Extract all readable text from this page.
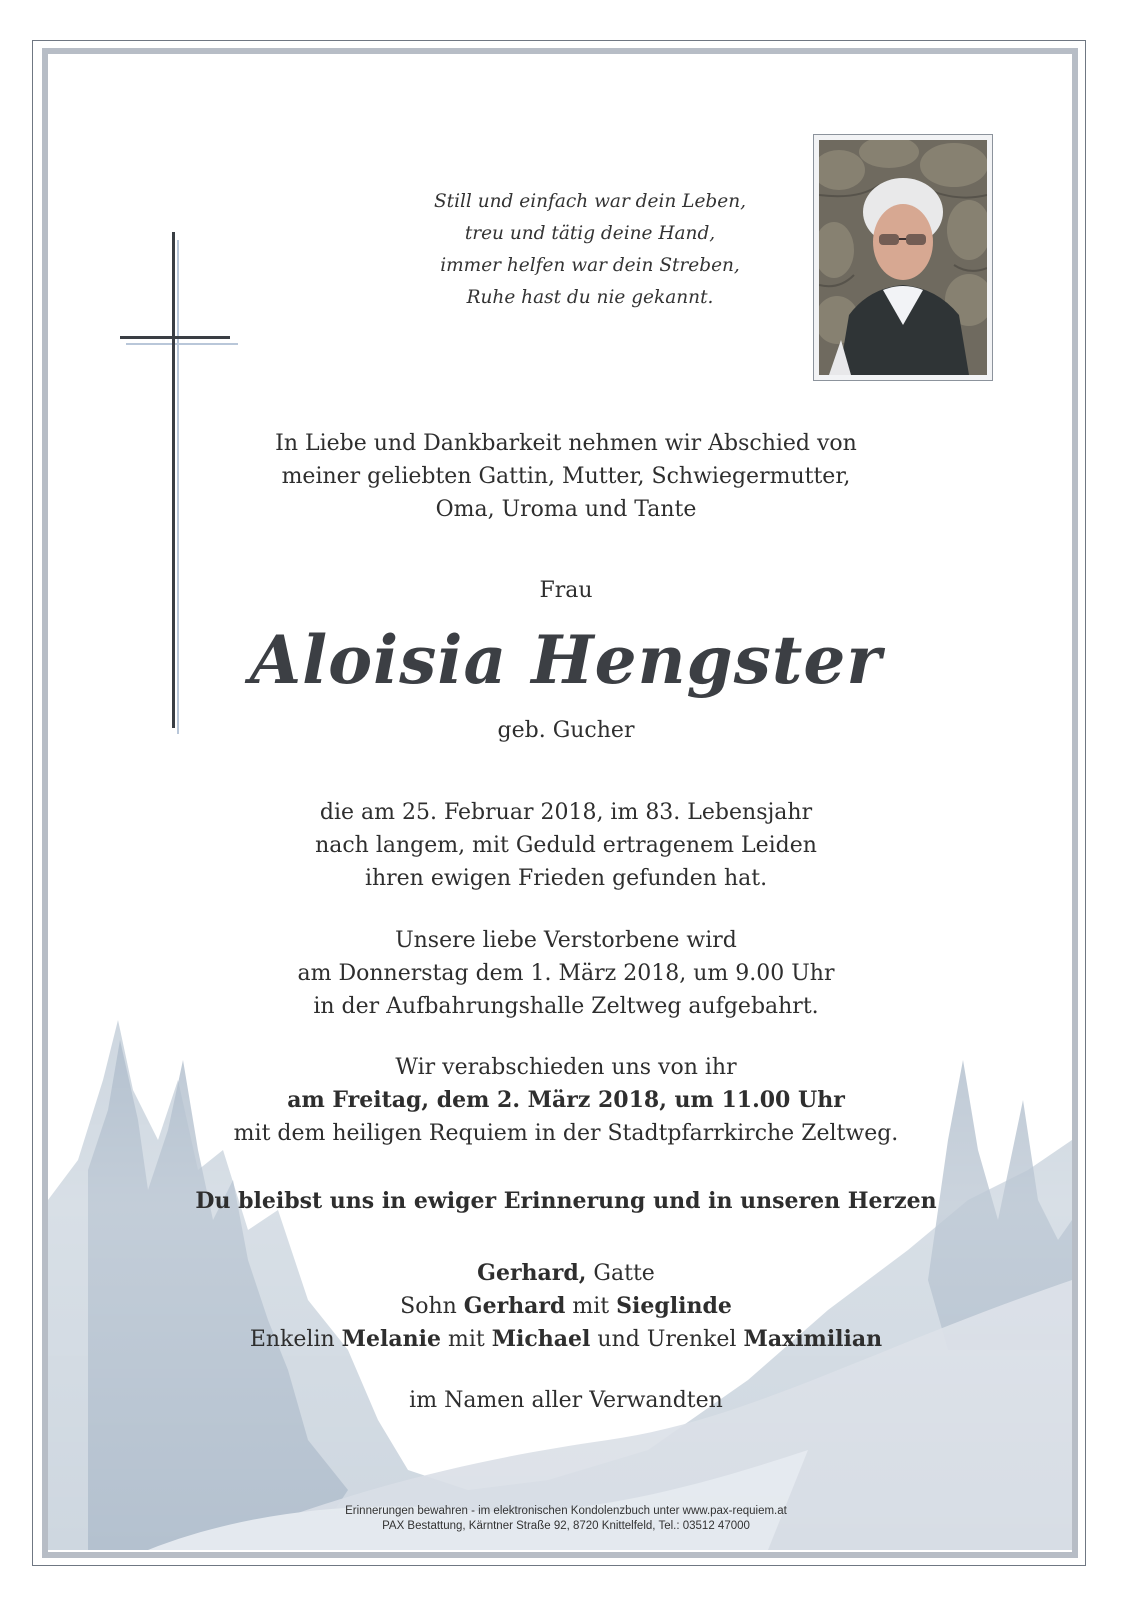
Still und einfach war dein Leben,
treu und tätig deine Hand,
immer helfen war dein Streben,
Ruhe hast du nie gekannt.
In Liebe und Dankbarkeit nehmen wir Abschied von
meiner geliebten Gattin, Mutter, Schwiegermutter,
Oma, Uroma und Tante
Frau
Aloisia Hengster
geb. Gucher
die am 25. Februar 2018, im 83. Lebensjahr
nach langem, mit Geduld ertragenem Leiden
ihren ewigen Frieden gefunden hat.
Unsere liebe Verstorbene wird
am Donnerstag dem 1. März 2018, um 9.00 Uhr
in der Aufbahrungshalle Zeltweg aufgebahrt.
Wir verabschieden uns von ihr
am Freitag, dem 2. März 2018, um 11.00 Uhr
mit dem heiligen Requiem in der Stadtpfarrkirche Zeltweg.
Du bleibst uns in ewiger Erinnerung und in unseren Herzen
Gerhard, Gatte
Sohn Gerhard mit Sieglinde
Enkelin Melanie mit Michael und Urenkel Maximilian
im Namen aller Verwandten
Erinnerungen bewahren - im elektronischen Kondolenzbuch unter www.pax-requiem.at
PAX Bestattung, Kärntner Straße 92, 8720 Knittelfeld, Tel.: 03512 47000
